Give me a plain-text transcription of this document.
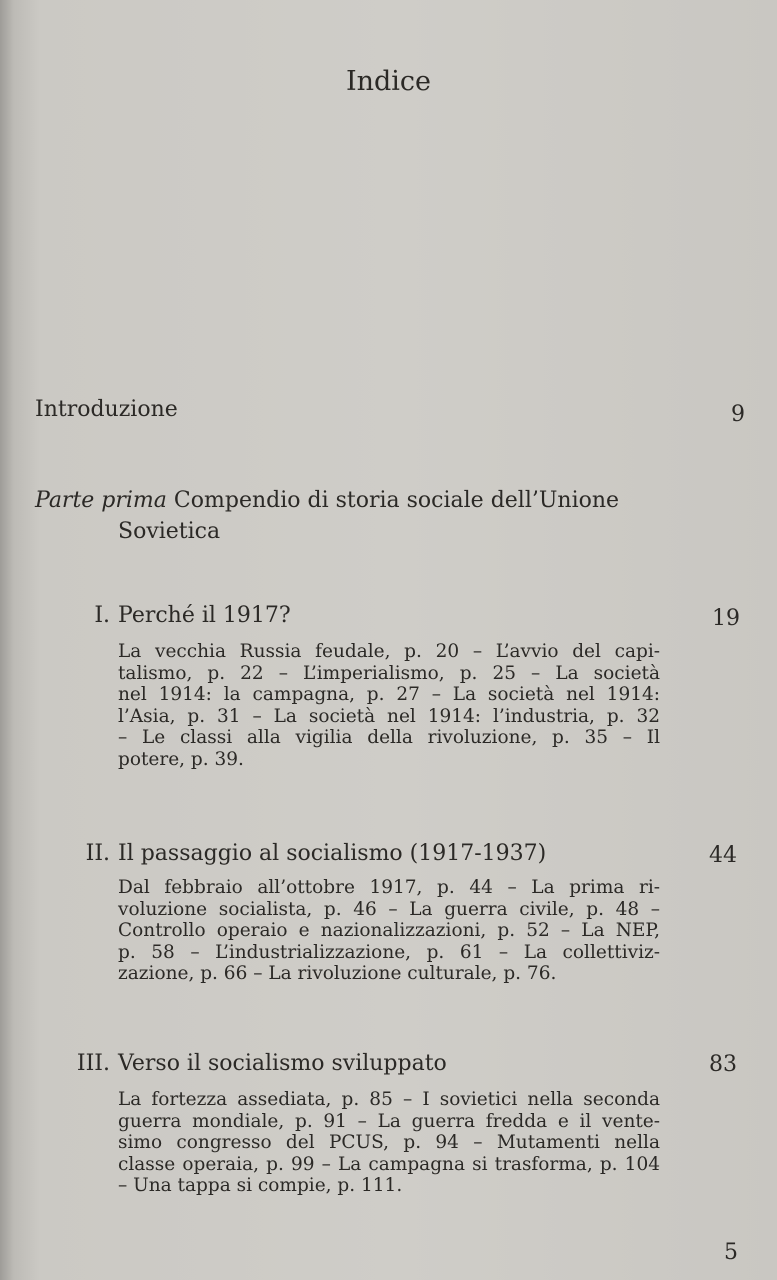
Indice
Introduzione	9
Parte prima Compendio di storia sociale dell’Unione
Sovietica
I. Perché il 1917?	19
La vecchia Russia feudale, p. 20 – L’avvio del capi-
talismo, p. 22 – L’imperialismo, p. 25 – La società
nel 1914: la campagna, p. 27 – La società nel 1914:
l’Asia, p. 31 – La società nel 1914: l’industria, p. 32
– Le classi alla vigilia della rivoluzione, p. 35 – Il
potere, p. 39.
II. Il passaggio al socialismo (1917-1937)	44
Dal febbraio all’ottobre 1917, p. 44 – La prima ri-
voluzione socialista, p. 46 – La guerra civile, p. 48 –
Controllo operaio e nazionalizzazioni, p. 52 – La NEP,
p. 58 – L’industrializzazione, p. 61 – La collettiviz-
zazione, p. 66 – La rivoluzione culturale, p. 76.
III. Verso il socialismo sviluppato	83
La fortezza assediata, p. 85 – I sovietici nella seconda
guerra mondiale, p. 91 – La guerra fredda e il vente-
simo congresso del PCUS, p. 94 – Mutamenti nella
classe operaia, p. 99 – La campagna si trasforma, p. 104
– Una tappa si compie, p. 111.
5
